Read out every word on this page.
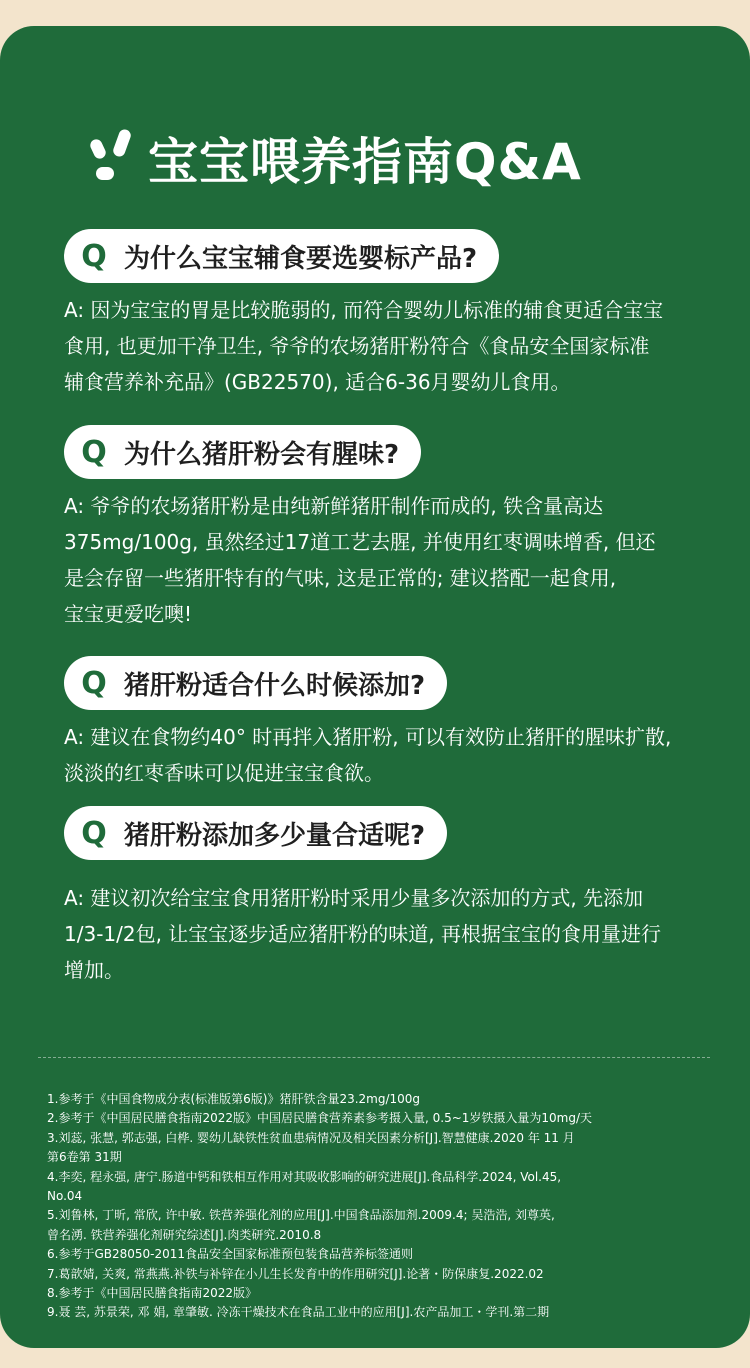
宝宝喂养指南Q&A
Q 为什么宝宝辅食要选婴标产品?
A: 因为宝宝的胃是比较脆弱的, 而符合婴幼儿标准的辅食更适合宝宝
食用, 也更加干净卫生, 爷爷的农场猪肝粉符合《食品安全国家标准
辅食营养补充品》(GB22570), 适合6-36月婴幼儿食用。
Q 为什么猪肝粉会有腥味?
A: 爷爷的农场猪肝粉是由纯新鲜猪肝制作而成的, 铁含量高达
375mg/100g, 虽然经过17道工艺去腥, 并使用红枣调味增香, 但还
是会存留一些猪肝特有的气味, 这是正常的; 建议搭配一起食用,
宝宝更爱吃噢!
Q 猪肝粉适合什么时候添加?
A: 建议在食物约40° 时再拌入猪肝粉, 可以有效防止猪肝的腥味扩散,
淡淡的红枣香味可以促进宝宝食欲。
Q 猪肝粉添加多少量合适呢?
A: 建议初次给宝宝食用猪肝粉时采用少量多次添加的方式, 先添加
1/3-1/2包, 让宝宝逐步适应猪肝粉的味道, 再根据宝宝的食用量进行
增加。
1.参考于《中国食物成分表(标准版第6版)》猪肝铁含量23.2mg/100g
2.参考于《中国居民膳食指南2022版》中国居民膳食营养素参考摄入量, 0.5~1岁铁摄入量为10mg/天
3.刘蕊, 张慧, 郭志强, 白桦. 婴幼儿缺铁性贫血患病情况及相关因素分析[J].智慧健康.2020 年 11 月
第6卷第 31期
4.李奕, 程永强, 唐宁.肠道中钙和铁相互作用对其吸收影响的研究进展[J].食品科学.2024, Vol.45,
No.04
5.刘鲁林, 丁昕, 常欣, 许中敏. 铁营养强化剂的应用[J].中国食品添加剂.2009.4; 吴浩浩, 刘尊英,
曾名湧. 铁营养强化剂研究综述[J].肉类研究.2010.8
6.参考于GB28050-2011食品安全国家标准预包装食品营养标签通则
7.葛歆婧, 关爽, 常燕燕.补铁与补锌在小儿生长发育中的作用研究[J].论著・防保康复.2022.02
8.参考于《中国居民膳食指南2022版》
9.聂 芸, 苏景荣, 邓 娟, 章肇敏. 冷冻干燥技术在食品工业中的应用[J].农产品加工・学刊.第二期
